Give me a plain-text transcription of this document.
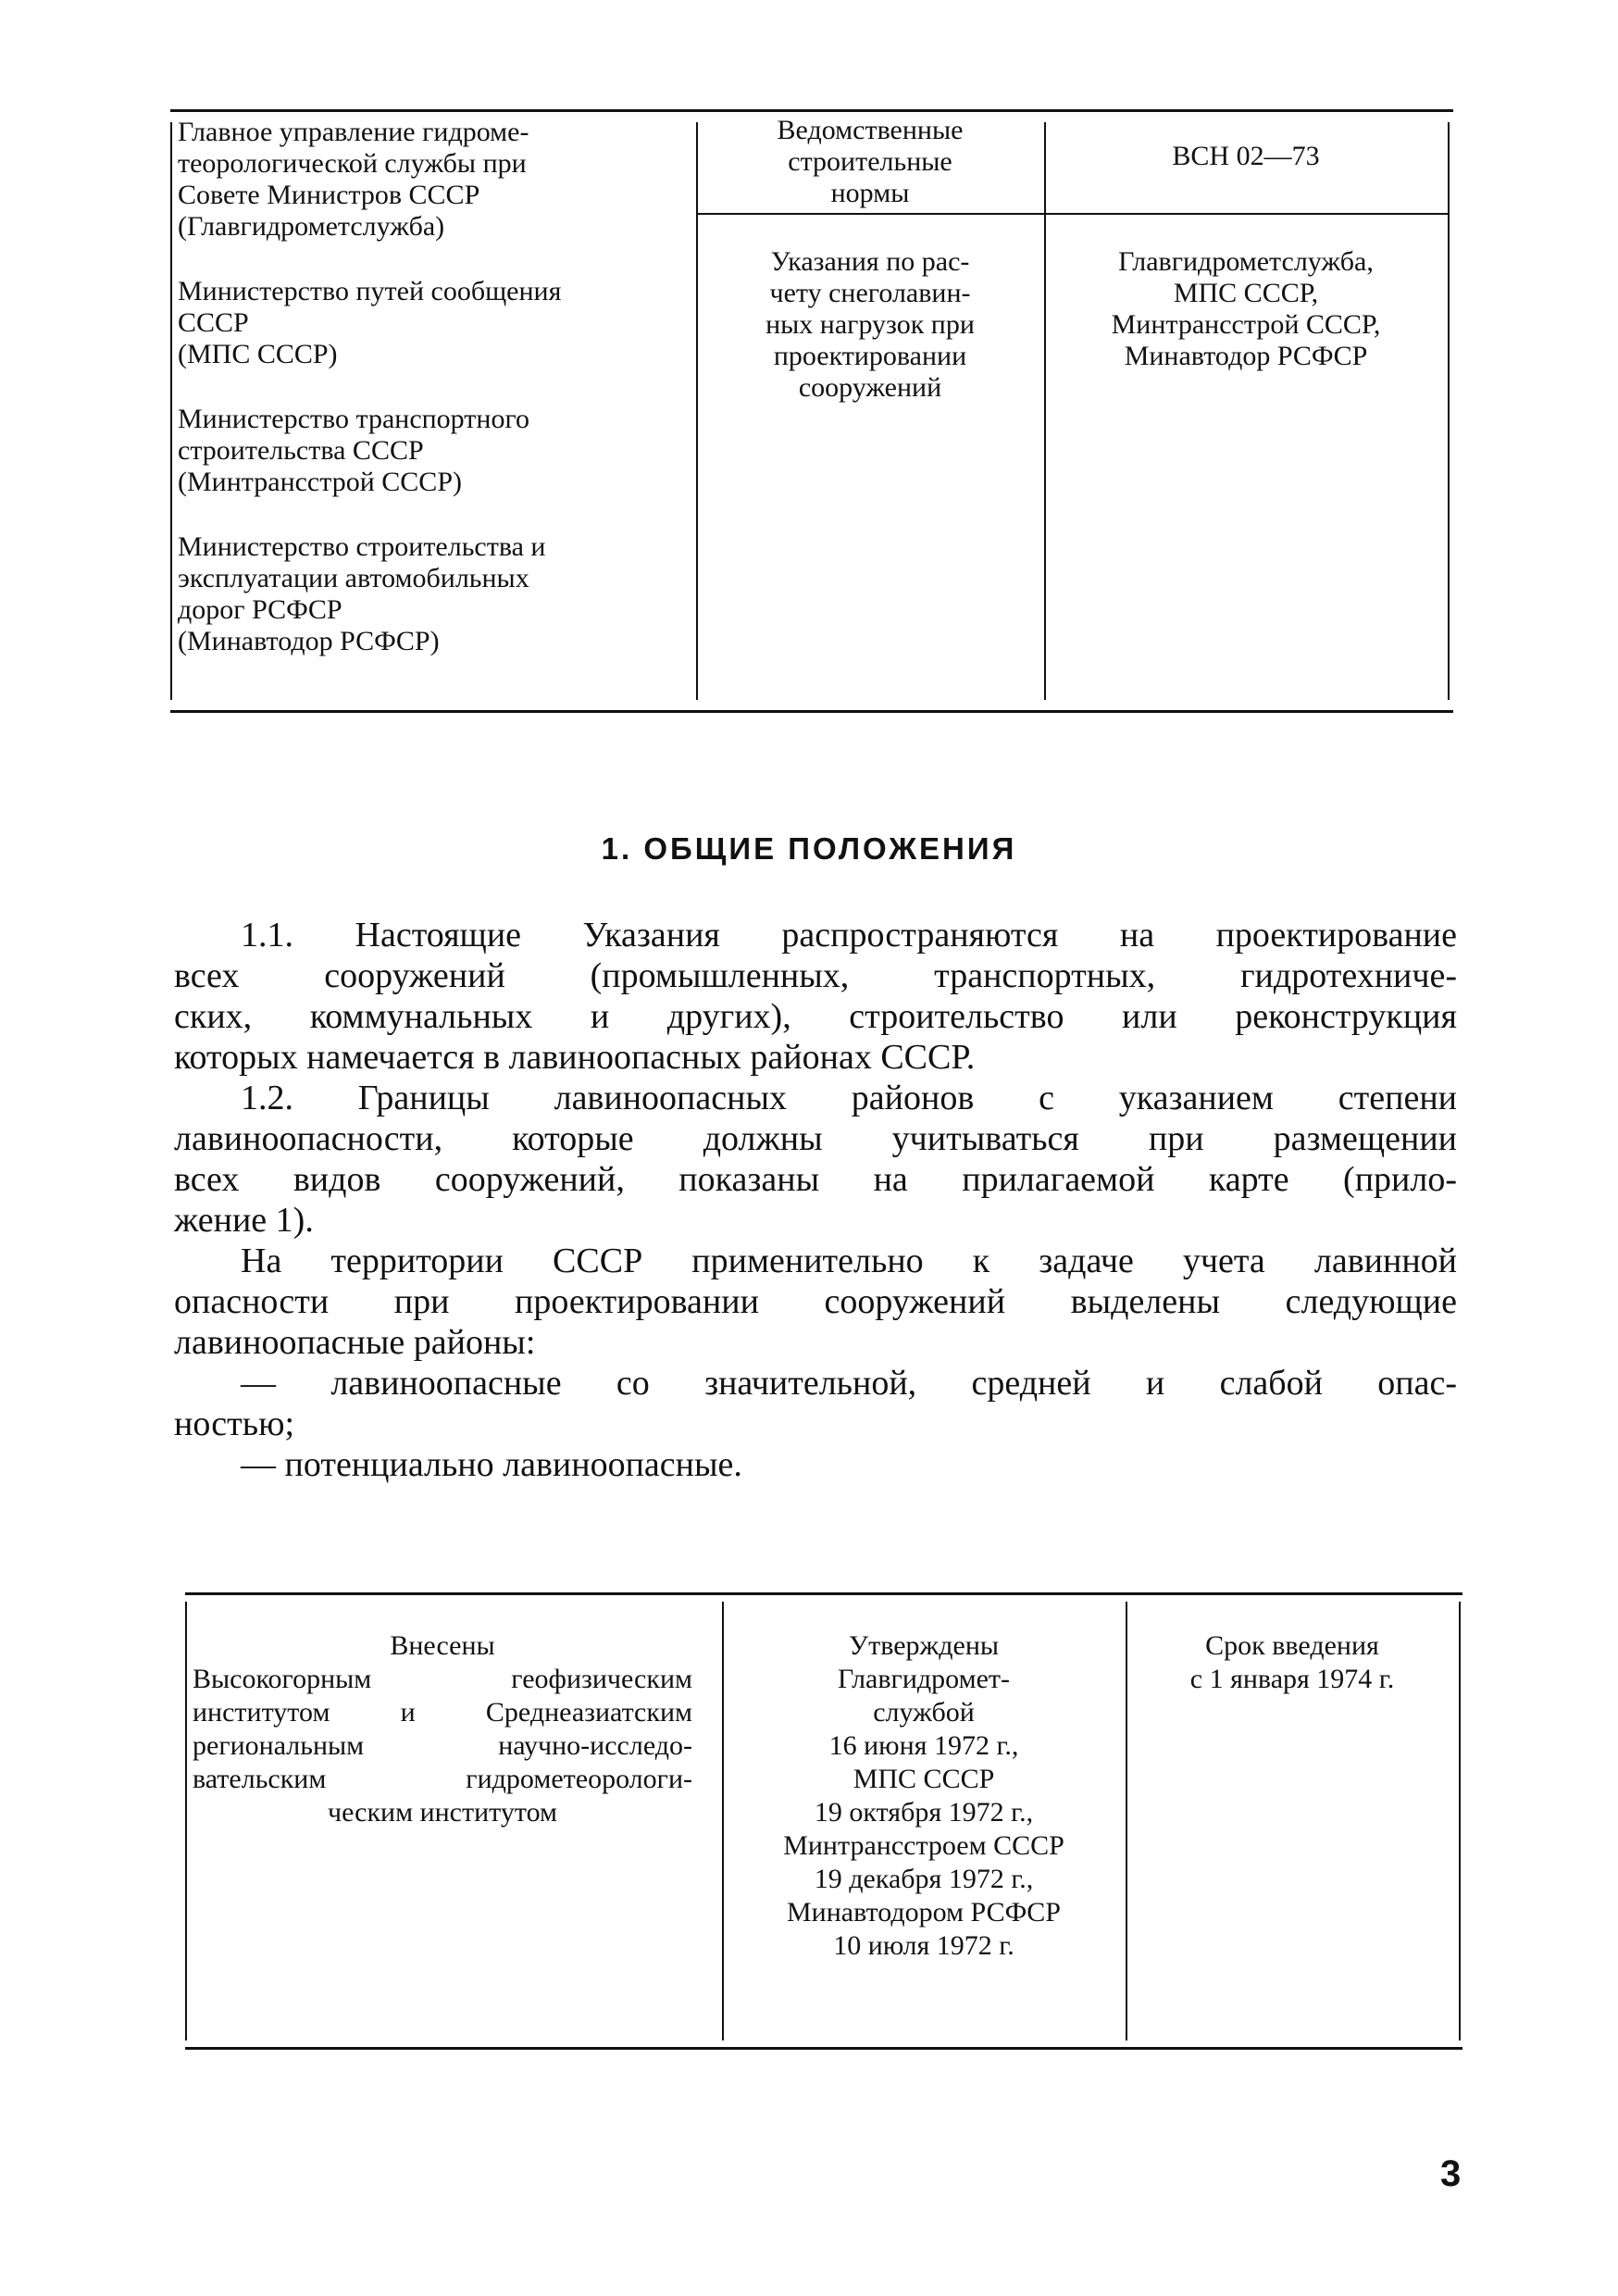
Главное управление гидроме-
теорологической службы при
Совете Министров СССР
(Главгидрометслужба)
Министерство путей сообщения
СССР
(МПС СССР)
Министерство транспортного
строительства СССР
(Минтрансстрой СССР)
Министерство строительства и
эксплуатации автомобильных
дорог РСФСР
(Минавтодор РСФСР)
Ведомственные
строительные
нормы
ВСН 02—73
Указания по рас-
чету снеголавин-
ных нагрузок при
проектировании
сооружений
Главгидрометслужба,
МПС СССР,
Минтрансстрой СССР,
Минавтодор РСФСР
1. ОБЩИЕ ПОЛОЖЕНИЯ
1.1. Настоящие Указания распространяются на проектирование
всех сооружений (промышленных, транспортных, гидротехниче-
ских, коммунальных и других), строительство или реконструкция
которых намечается в лавиноопасных районах СССР.
1.2. Границы лавиноопасных районов с указанием степени
лавиноопасности, которые должны учитываться при размещении
всех видов сооружений, показаны на прилагаемой карте (прило-
жение 1).
На территории СССР применительно к задаче учета лавинной
опасности при проектировании сооружений выделены следующие
лавиноопасные районы:
— лавиноопасные со значительной, средней и слабой опас-
ностью;
— потенциально лавиноопасные.
Внесены
Высокогорным геофизическим
институтом и Среднеазиатским
региональным научно-исследо-
вательским гидрометеорологи-
ческим институтом
Утверждены
Главгидромет-
службой
16 июня 1972 г.,
МПС СССР
19 октября 1972 г.,
Минтрансстроем СССР
19 декабря 1972 г.,
Минавтодором РСФСР
10 июля 1972 г.
Срок введения
с 1 января 1974 г.
3
